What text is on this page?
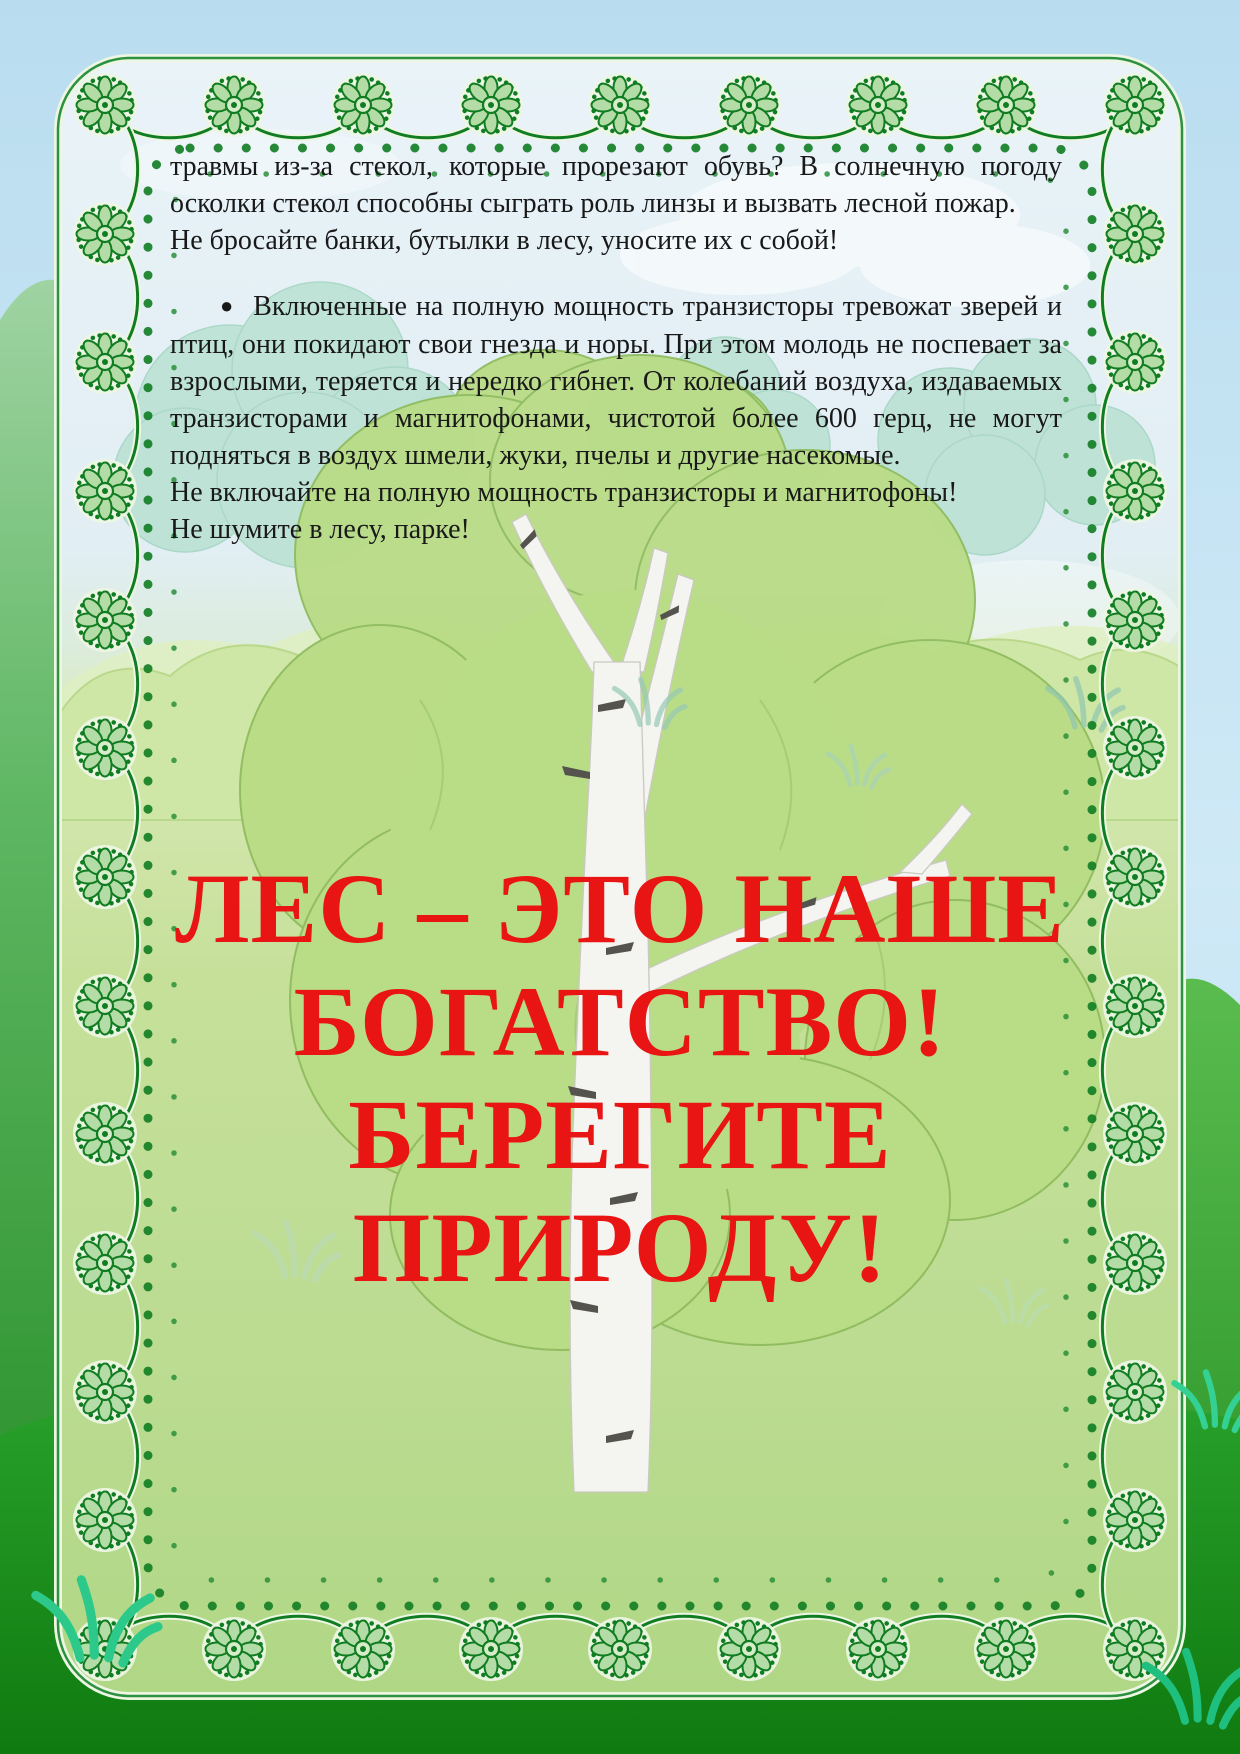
травмы из-за стекол, которые прорезают обувь? В солнечную погоду осколки стекол способны сыграть роль линзы и вызвать лесной пожар.

Не бросайте банки, бутылки в лесу, уносите их с собой!

● Включенные на полную мощность транзисторы тревожат зверей и птиц, они покидают свои гнезда и норы. При этом молодь не поспевает за взрослыми, теряется и нередко гибнет. От колебаний воздуха, издаваемых транзисторами и магнитофонами, чистотой более 600 герц, не могут подняться в воздух шмели, жуки, пчелы и другие насекомые.

Не включайте на полную мощность транзисторы и магнитофоны!

Не шумите в лесу, парке!

ЛЕС – ЭТО НАШЕ
БОГАТСТВО!
БЕРЕГИТЕ
ПРИРОДУ!
